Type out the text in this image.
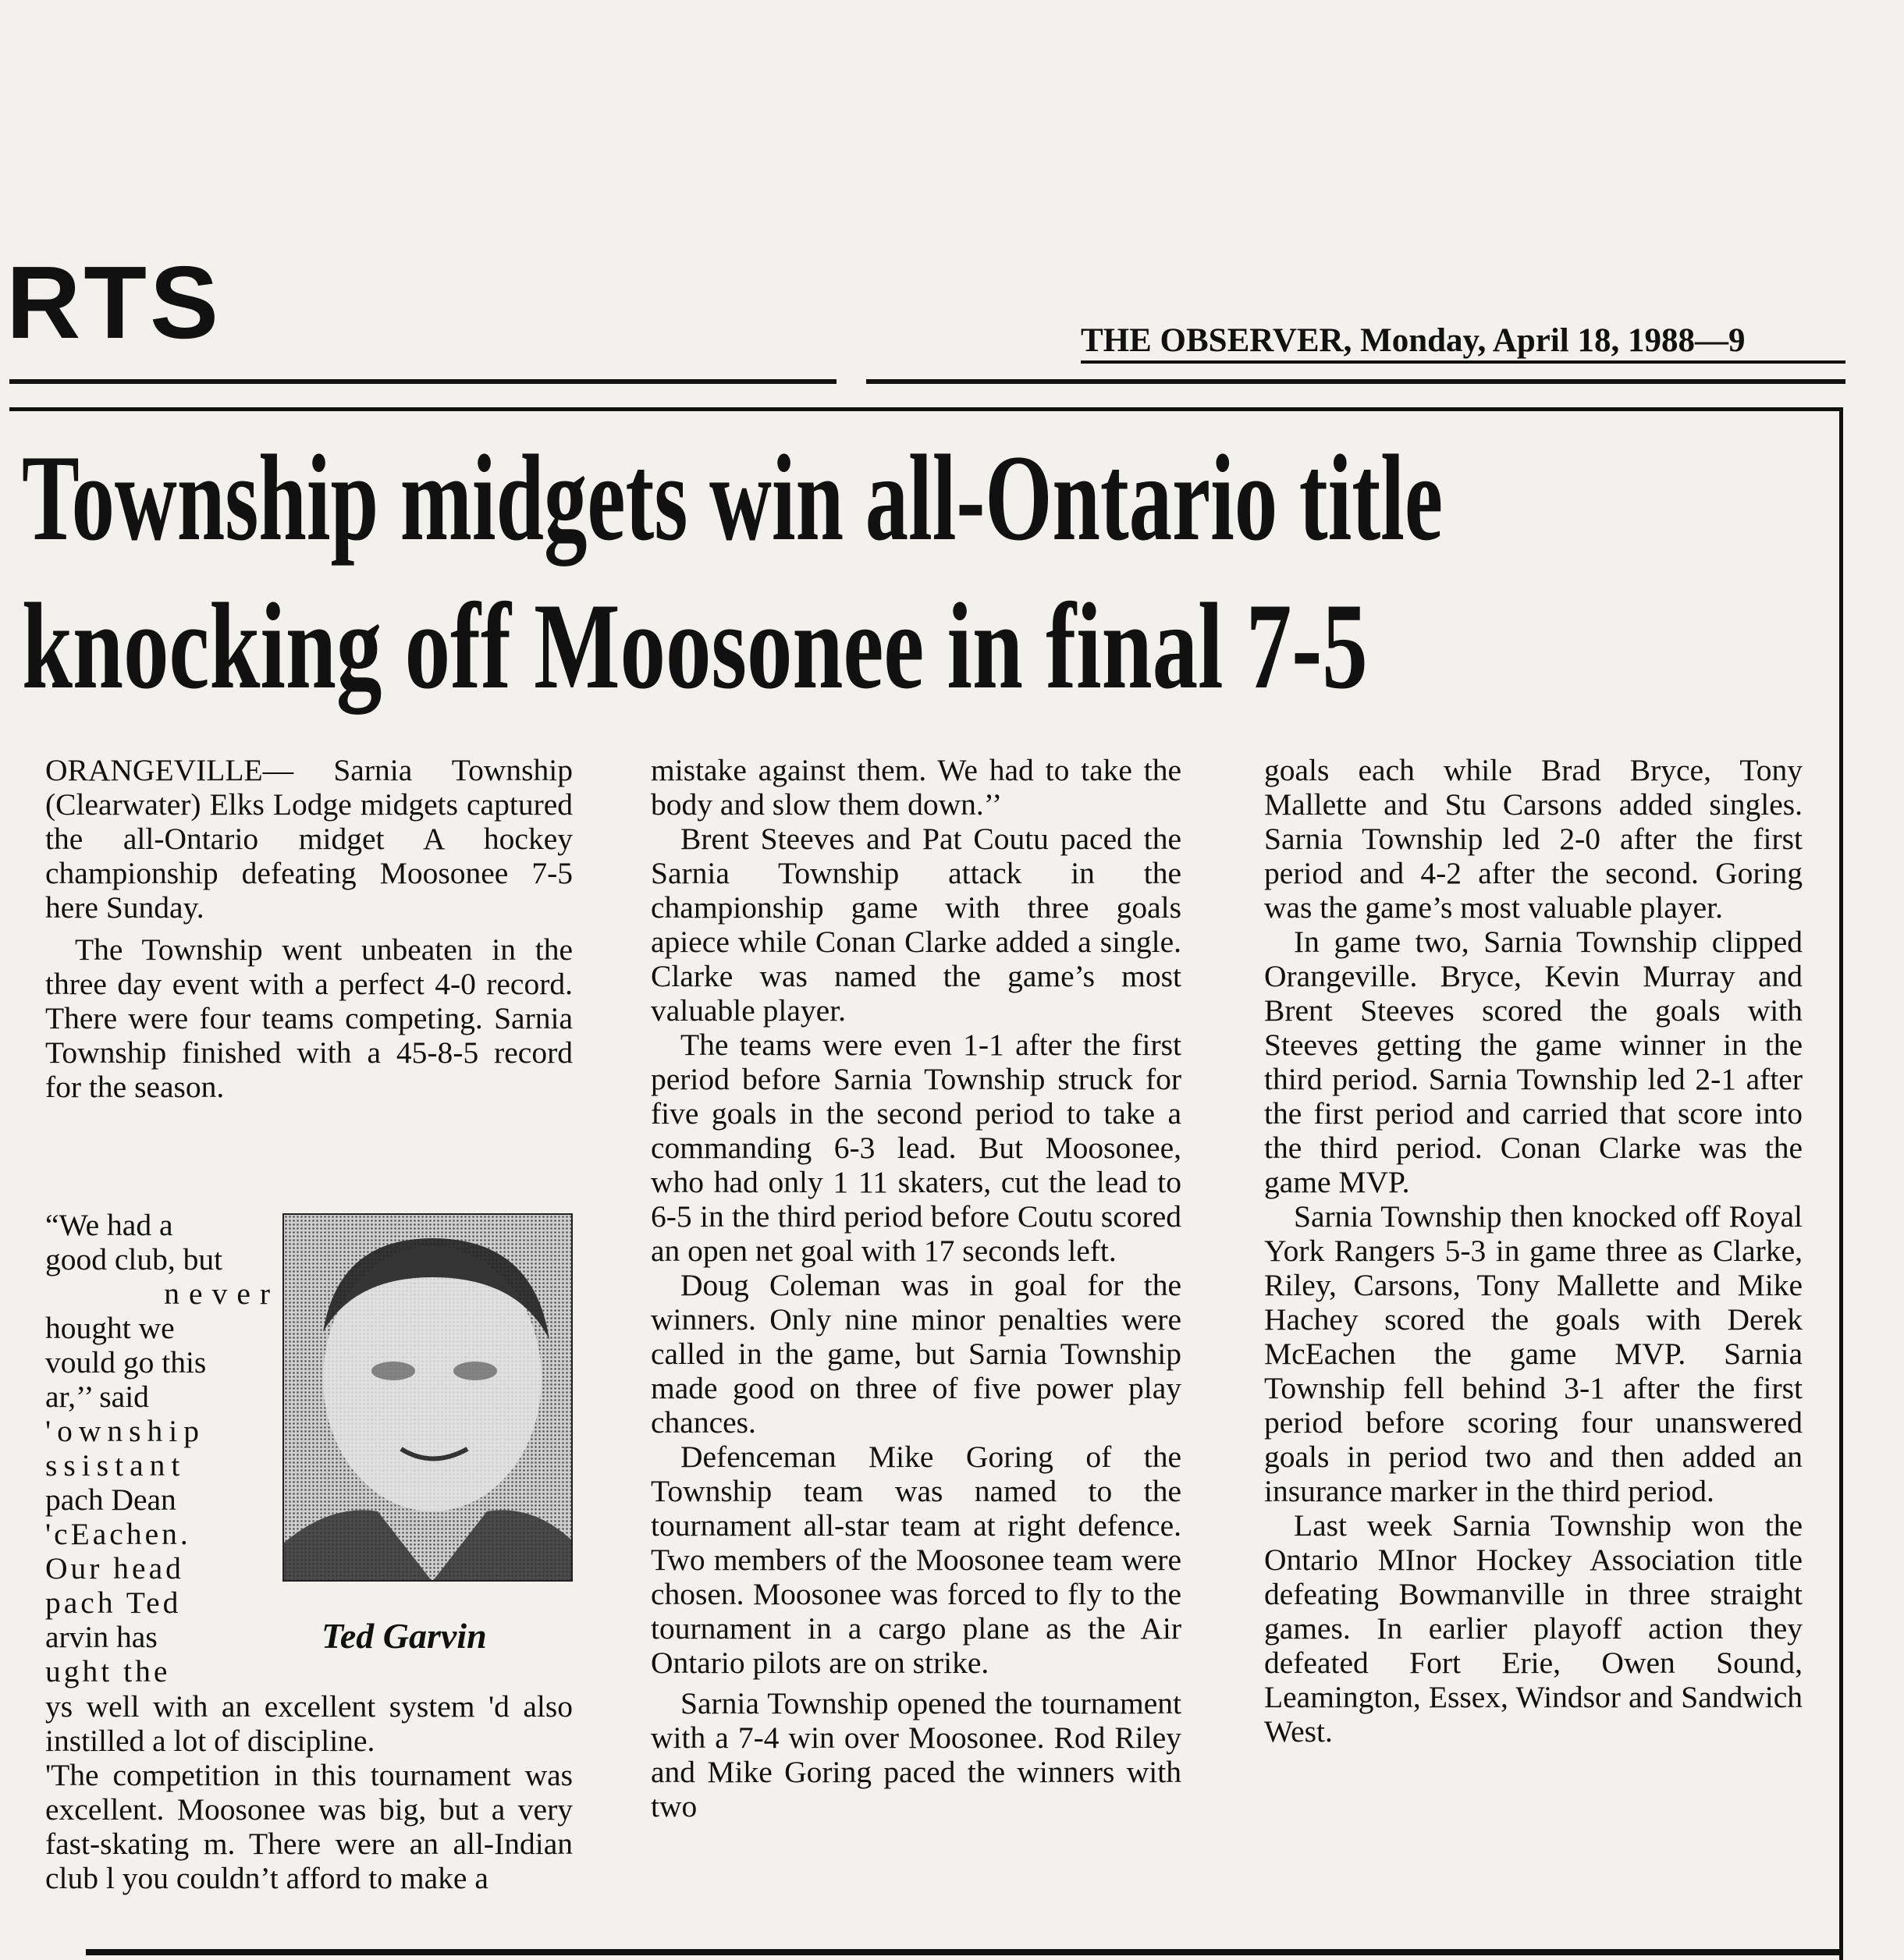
RTS	THE OBSERVER, Monday, April 18, 1988—9
Township midgets win all-Ontario title
knocking off Moosonee in final 7-5

ORANGEVILLE— Sarnia Township (Clearwater) Elks Lodge midgets captured the all-Ontario midget A hockey championship defeating Moosonee 7-5 here Sunday.

The Township went unbeaten in the three day event with a perfect 4-0 record. There were four teams competing. Sarnia Township finished with a 45-8-5 record for the season.

“We had a
good club, but
never
hought we
vould go this
ar,’’ said
'ownship
ssistant
pach Dean
'cEachen.
Our head
pach Ted
arvin has
ught the
Ted Garvin

ys well with an excellent system 'd also instilled a lot of discipline.

'The competition in this tournament was excellent. Moosonee was big, but a very fast-skating m. There were an all-Indian club l you couldn’t afford to make a

mistake against them. We had to take the body and slow them down.’’

Brent Steeves and Pat Coutu paced the Sarnia Township attack in the championship game with three goals apiece while Conan Clarke added a single. Clarke was named the game’s most valuable player.

The teams were even 1-1 after the first period before Sarnia Township struck for five goals in the second period to take a commanding 6-3 lead. But Moosonee, who had only 1 11 skaters, cut the lead to 6-5 in the third period before Coutu scored an open net goal with 17 seconds left.

Doug Coleman was in goal for the winners. Only nine minor penalties were called in the game, but Sarnia Township made good on three of five power play chances.

Defenceman Mike Goring of the Township team was named to the tournament all-star team at right defence. Two members of the Moosonee team were chosen. Moosonee was forced to fly to the tournament in a cargo plane as the Air Ontario pilots are on strike.

Sarnia Township opened the tournament with a 7-4 win over Moosonee. Rod Riley and Mike Goring paced the winners with two

goals each while Brad Bryce, Tony Mallette and Stu Carsons added singles. Sarnia Township led 2-0 after the first period and 4-2 after the second. Goring was the game’s most valuable player.

In game two, Sarnia Township clipped Orangeville. Bryce, Kevin Murray and Brent Steeves scored the goals with Steeves getting the game winner in the third period. Sarnia Township led 2-1 after the first period and carried that score into the third period. Conan Clarke was the game MVP.

Sarnia Township then knocked off Royal York Rangers 5-3 in game three as Clarke, Riley, Carsons, Tony Mallette and Mike Hachey scored the goals with Derek McEachen the game MVP. Sarnia Township fell behind 3-1 after the first period before scoring four unanswered goals in period two and then added an insurance marker in the third period.

Last week Sarnia Township won the Ontario MInor Hockey Association title defeating Bowmanville in three straight games. In earlier playoff action they defeated Fort Erie, Owen Sound, Leamington, Essex, Windsor and Sandwich West.
